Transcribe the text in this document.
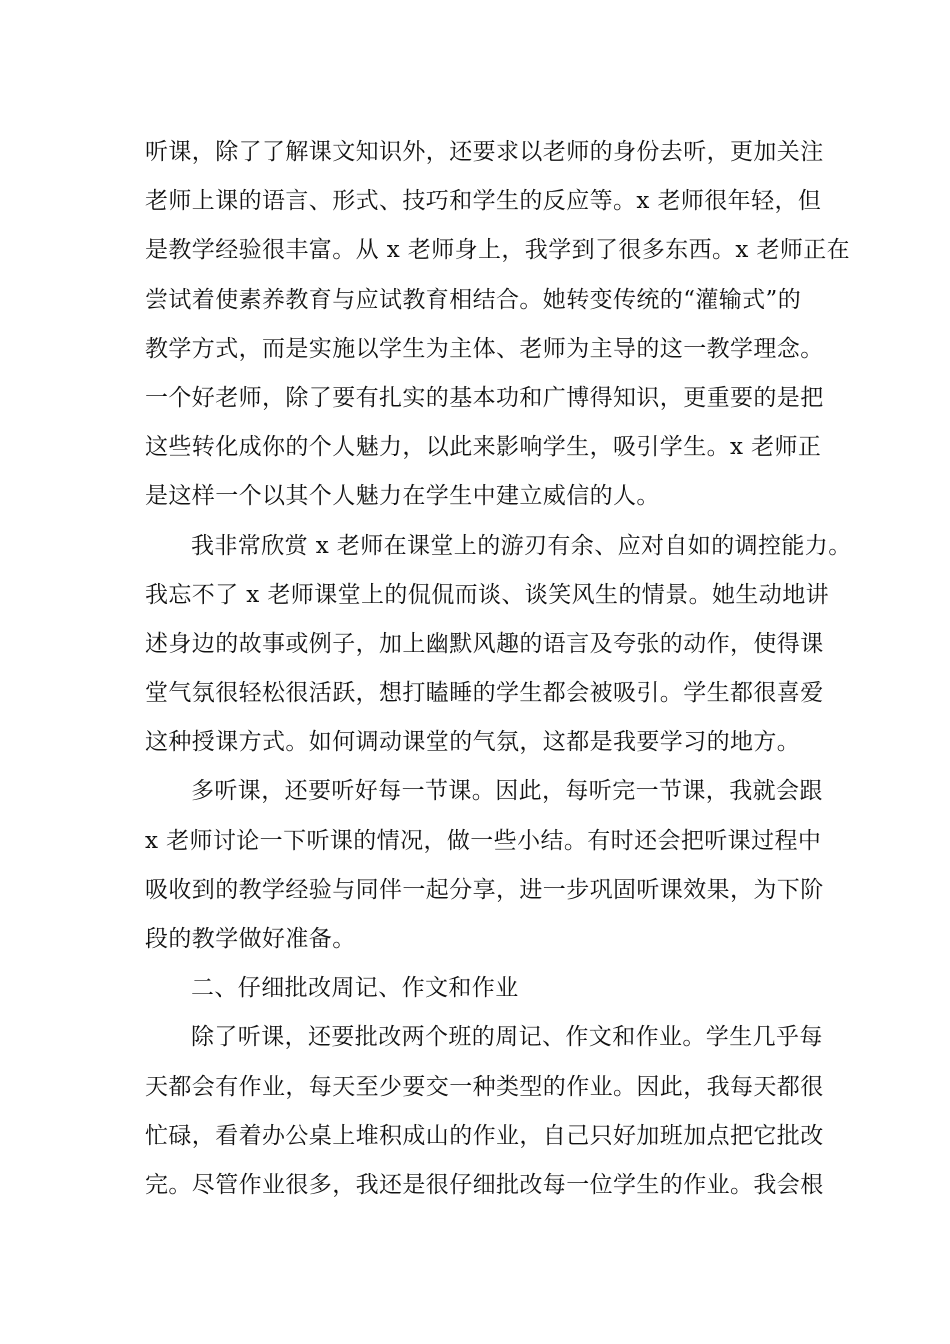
听课，除了了解课文知识外，还要求以老师的身份去听，更加关注
老师上课的语言、形式、技巧和学生的反应等。x 老师很年轻，但
是教学经验很丰富。从 x 老师身上，我学到了很多东西。x 老师正在
尝试着使素养教育与应试教育相结合。她转变传统的“灌输式”的
教学方式，而是实施以学生为主体、老师为主导的这一教学理念。
一个好老师，除了要有扎实的基本功和广博得知识，更重要的是把
这些转化成你的个人魅力，以此来影响学生，吸引学生。x 老师正
是这样一个以其个人魅力在学生中建立威信的人。
我非常欣赏 x 老师在课堂上的游刃有余、应对自如的调控能力。
我忘不了 x 老师课堂上的侃侃而谈、谈笑风生的情景。她生动地讲
述身边的故事或例子，加上幽默风趣的语言及夸张的动作，使得课
堂气氛很轻松很活跃，想打瞌睡的学生都会被吸引。学生都很喜爱
这种授课方式。如何调动课堂的气氛，这都是我要学习的地方。
多听课，还要听好每一节课。因此，每听完一节课，我就会跟
x 老师讨论一下听课的情况，做一些小结。有时还会把听课过程中
吸收到的教学经验与同伴一起分享，进一步巩固听课效果，为下阶
段的教学做好准备。
二、仔细批改周记、作文和作业
除了听课，还要批改两个班的周记、作文和作业。学生几乎每
天都会有作业，每天至少要交一种类型的作业。因此，我每天都很
忙碌，看着办公桌上堆积成山的作业，自己只好加班加点把它批改
完。尽管作业很多，我还是很仔细批改每一位学生的作业。我会根
